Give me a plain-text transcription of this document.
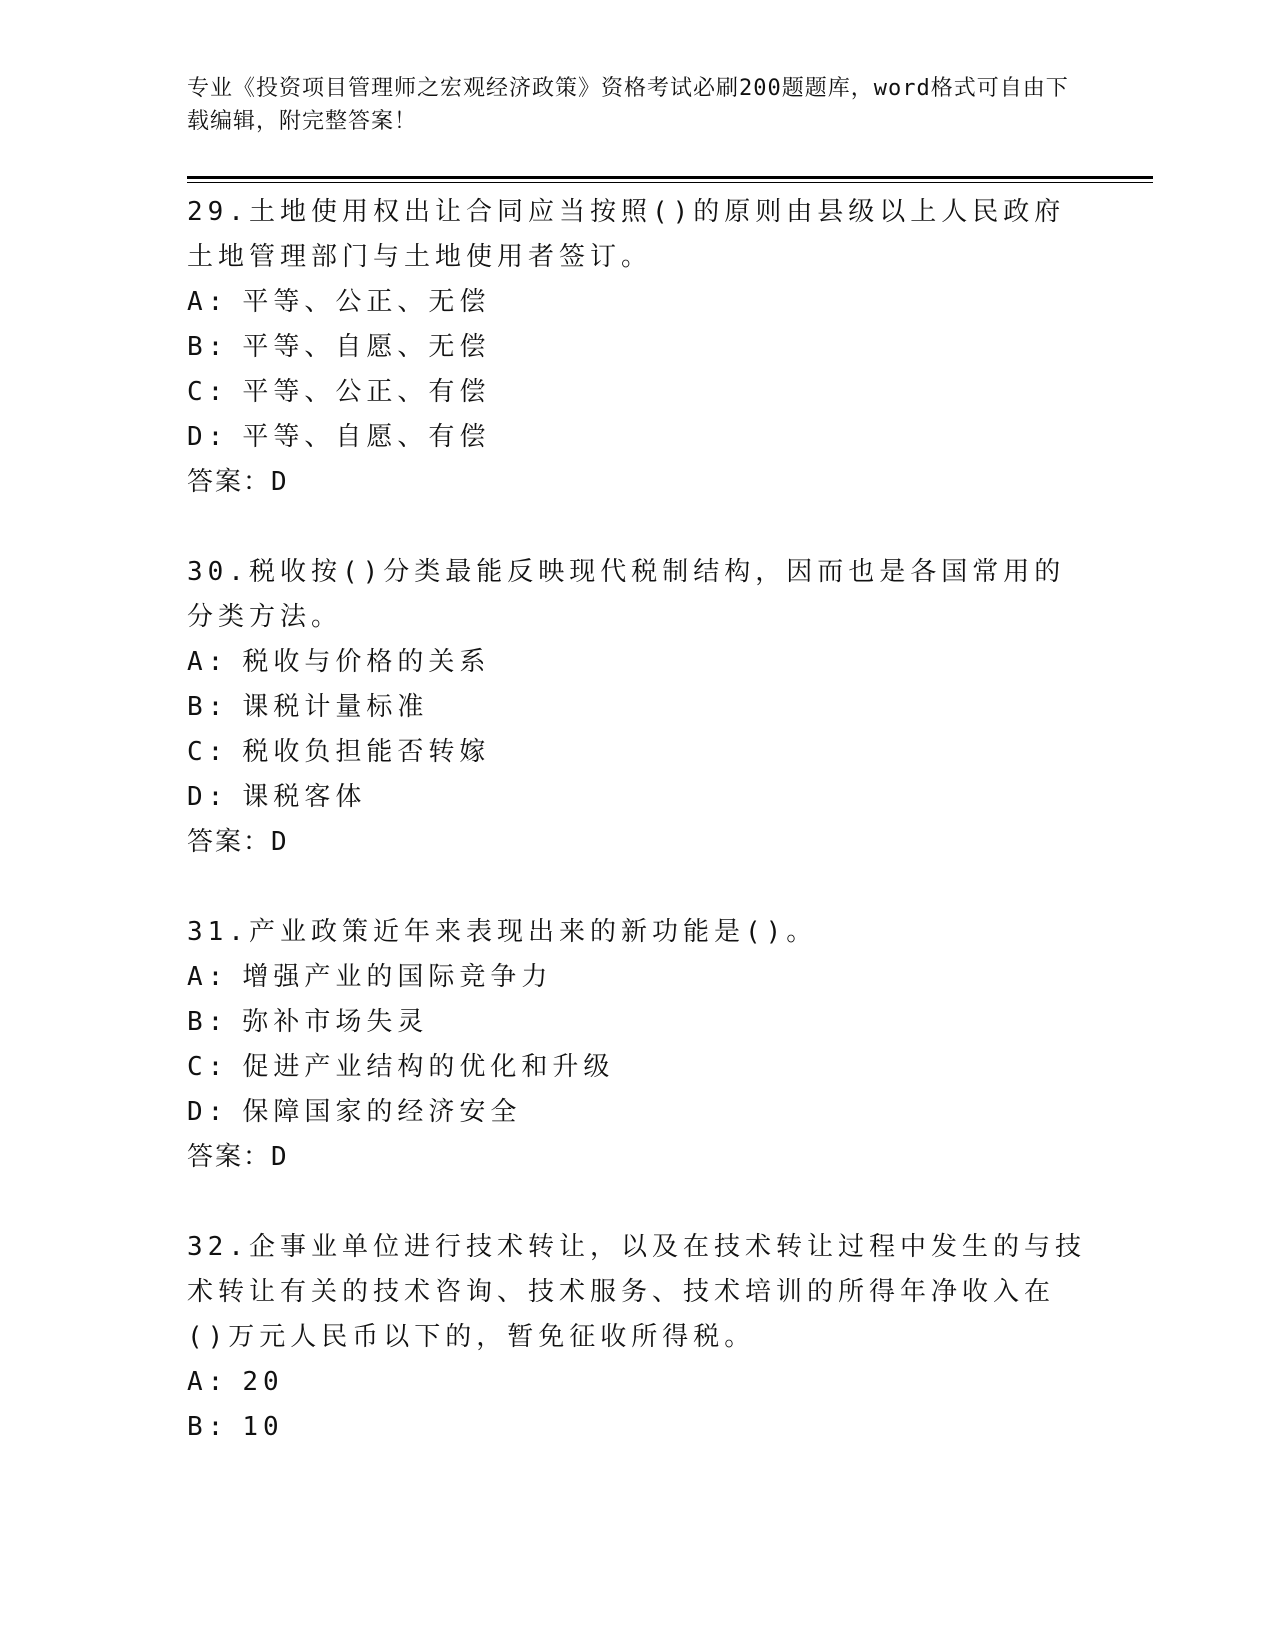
专业《投资项目管理师之宏观经济政策》资格考试必刷200题题库，word格式可自由下载编辑，附完整答案！
29.土地使用权出让合同应当按照()的原则由县级以上人民政府土地管理部门与土地使用者签订。
A: 平等、公正、无偿
B: 平等、自愿、无偿
C: 平等、公正、有偿
D: 平等、自愿、有偿
答案：D
30.税收按()分类最能反映现代税制结构，因而也是各国常用的分类方法。
A: 税收与价格的关系
B: 课税计量标准
C: 税收负担能否转嫁
D: 课税客体
答案：D
31.产业政策近年来表现出来的新功能是()。
A: 增强产业的国际竞争力
B: 弥补市场失灵
C: 促进产业结构的优化和升级
D: 保障国家的经济安全
答案：D
32.企事业单位进行技术转让，以及在技术转让过程中发生的与技术转让有关的技术咨询、技术服务、技术培训的所得年净收入在()万元人民币以下的，暂免征收所得税。
A: 20
B: 10
